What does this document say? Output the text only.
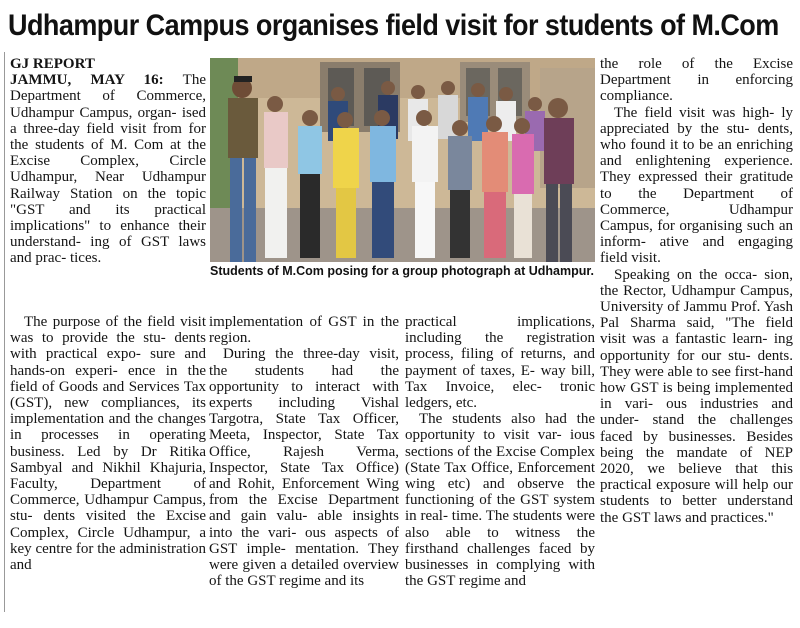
Udhampur Campus organises field visit for students of M.Com

GJ REPORT
JAMMU, MAY 16: The Department of Commerce, Udhampur Campus, organ- ised a three-day field visit from for the students of M. Com at the Excise Complex, Circle Udhampur, Near Udhampur Railway Station on the topic "GST and its practical implications" to enhance their understand- ing of GST laws and prac- tices.

Students of M.Com posing for a group photograph at Udhampur.

The purpose of the field visit was to provide the stu- dents with practical expo- sure and hands-on experi- ence in the field of Goods and Services Tax (GST), new compliances, its implementation and the changes in processes in operating business. Led by Dr Ritika Sambyal and Nikhil Khajuria, Faculty, Department of Commerce, Udhampur Campus, stu- dents visited the Excise Complex, Circle Udhampur, a key centre for the administration and

implementation of GST in the region.

During the three-day visit, the students had the opportunity to interact with experts including Vishal Targotra, State Tax Officer, Meeta, Inspector, State Tax Office, Rajesh Verma, Inspector, State Tax Office) and Rohit, Enforcement Wing from the Excise Department and gain valu- able insights into the vari- ous aspects of GST imple- mentation. They were given a detailed overview of the GST regime and its

practical implications, including the registration process, filing of returns, and payment of taxes, E- way bill, Tax Invoice, elec- tronic ledgers, etc.

The students also had the opportunity to visit var- ious sections of the Excise Complex (State Tax Office, Enforcement wing etc) and observe the functioning of the GST system in real- time. The students were also able to witness the firsthand challenges faced by businesses in complying with the GST regime and

the role of the Excise Department in enforcing compliance.

The field visit was high- ly appreciated by the stu- dents, who found it to be an enriching and enlightening experience. They expressed their gratitude to the Department of Commerce, Udhampur Campus, for organising such an inform- ative and engaging field visit.

Speaking on the occa- sion, the Rector, Udhampur Campus, University of Jammu Prof. Yash Pal Sharma said, "The field visit was a fantastic learn- ing opportunity for our stu- dents. They were able to see first-hand how GST is being implemented in vari- ous industries and under- stand the challenges faced by businesses. Besides being the mandate of NEP 2020, we believe that this practical exposure will help our students to better understand the GST laws and practices."
